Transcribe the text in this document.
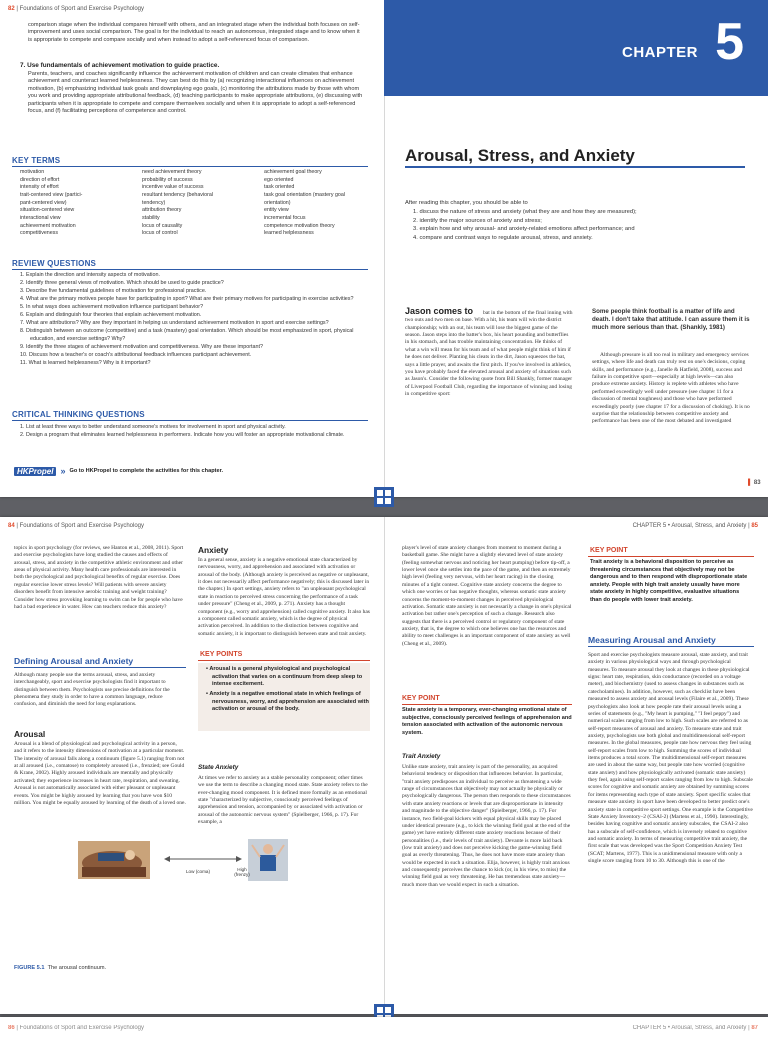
82 | Foundations of Sport and Exercise Psychology

comparison stage when the individual compares himself with others, and an integrated stage when the individual both focuses on self-improvement and uses social comparison. The goal is for the individual to reach an autonomous, integrated stage and to know when it is appropriate to compete and compare socially and when instead to adopt a self-referenced focus of comparison.

7. Use fundamentals of achievement motivation to guide practice.

Parents, teachers, and coaches significantly influence the achievement motivation of children and can create climates that enhance achievement and counteract learned helplessness. They can best do this by (a) recognizing interactional influences on achievement motivation, (b) emphasizing individual task goals and downplaying ego goals, (c) monitoring the attributions made by those with whom you work and providing appropriate attributional feedback, (d) teaching participants to make appropriate attributions, (e) discussing with participants when it is appropriate to compete and compare themselves socially and when it is appropriate to adopt a self-referenced focus, and (f) facilitating perceptions of competence and control.

KEY TERMS
motivation	need achievement theory	achievement goal theory
direction of effort	probability of success	ego oriented
intensity of effort	incentive value of success	task oriented
trait-centered view (partici-	resultant tendency (behavioral	task goal orientation (mastery goal
pant-centered view)	tendency)	orientation)
situation-centered view	attribution theory	entity view
interactional view	stability	incremental focus
achievement motivation	locus of causality	competence motivation theory
competitiveness	locus of control	learned helplessness
REVIEW QUESTIONS
1. Explain the direction and intensity aspects of motivation.
2. Identify three general views of motivation. Which should be used to guide practice?
3. Describe five fundamental guidelines of motivation for professional practice.
4. What are the primary motives people have for participating in sport? What are their primary motives for participating in exercise activities?
5. In what ways does achievement motivation influence participant behavior?
6. Explain and distinguish four theories that explain achievement motivation.
7. What are attributions? Why are they important in helping us understand achievement motivation in sport and exercise settings?
8. Distinguish between an outcome (competitive) and a task (mastery) goal orientation. Which should be most emphasized in sport, physical education, and exercise settings? Why?
9. Identify the three stages of achievement motivation and competitiveness. Why are these important?
10. Discuss how a teacher's or coach's attributional feedback influences participant achievement.
11. What is learned helplessness? Why is it important?
CRITICAL THINKING QUESTIONS
1. List at least three ways to better understand someone's motives for involvement in sport and physical activity.
2. Design a program that eliminates learned helplessness in performers. Indicate how you will foster an appropriate motivational climate.
HKPropel » Go to HKPropel to complete the activities for this chapter.
CHAPTER 5
Arousal, Stress, and Anxiety
After reading this chapter, you should be able to
1. discuss the nature of stress and anxiety (what they are and how they are measured);
2. identify the major sources of anxiety and stress;
3. explain how and why arousal- and anxiety-related emotions affect performance; and
4. compare and contrast ways to regulate arousal, stress, and anxiety.
Jason comes to	bat in the bottom of the final inning with two outs and two men on base. With a hit, his team will win the district championship; with an out, his team will lose the biggest game of the season. Jason steps into the batter's box, his heart pounding and butterflies in his stomach, and has trouble maintaining concentration. He thinks of what a win will mean for his team and of what people might think of him if he does not deliver. Planting his cleats in the dirt, Jason squeezes the bat, says a little prayer, and awaits the first pitch. If you've involved in athletics, you have probably faced the elevated arousal and anxiety of situations such as Jason's. Consider the following quote from Bill Shankly, former manager of Liverpool Football Club, regarding the importance of winning and losing in competitive sport:

Some people think football is a matter of life and death. I don't take that attitude. I can assure them it is much more serious than that. (Shankly, 1981)

Although pressure is all too real in military and emergency services settings, where life and death can truly rest on one's decisions, coping skills, and performance (e.g., Janelle & Hatfield, 2008), success and failure in competitive sport—especially at high levels—can also produce extreme anxiety. History is replete with athletes who have performed exceedingly well under pressure (see chapter 11 for a discussion of mental toughness) and those who have performed exceedingly poorly (see chapter 17 for a discussion of choking). It is no surprise that the relationship between competitive anxiety and performance has been one of the most debated and investigated

▌ 83
84 | Foundations of Sport and Exercise Psychology	CHAPTER 5 • Arousal, Stress, and Anxiety | 85

topics in sport psychology (for reviews, see Hanton et al., 2008, 2011). Sport and exercise psychologists have long studied the causes and effects of arousal, stress, and anxiety in the competitive athletic environment and other areas of physical activity. Many health care professionals are interested in both the psychological and psychological benefits of regular exercise. Does regular exercise lower stress levels? Will patients with severe anxiety disorders benefit from intensive aerobic training and weight training? Consider how stress provoking learning to swim can be for people who have had a bad experience in water. How can teachers reduce this anxiety?

Defining Arousal and Anxiety

Although many people use the terms arousal, stress, and anxiety interchangeably, sport and exercise psychologists find it important to distinguish between them. Psychologists use precise definitions for the phenomena they study in order to have a common language, reduce confusion, and diminish the need for long explanations.

Arousal

Arousal is a blend of physiological and psychological activity in a person, and it refers to the intensity dimensions of motivation at a particular moment. The intensity of arousal falls along a continuum (figure 5.1) ranging from not at all aroused (i.e., comatose) to completely aroused (i.e., frenzied; see Gould & Krane, 2002). Highly aroused individuals are mentally and physically activated; they experience increases in heart rate, respiration, and sweating. Arousal is not automatically associated with either pleasant or unpleasant events. You might be highly aroused by learning that you have won $10 million. You might be equally aroused by learning of the death of a loved one.

Anxiety

In a general sense, anxiety is a negative emotional state characterized by nervousness, worry, and apprehension and associated with activation or arousal of the body. (Although anxiety is perceived as negative or unpleasant, it does not necessarily affect performance negatively; this is discussed later in the chapter.) In sport settings, anxiety refers to "an unpleasant psychological state in reaction to perceived stress concerning the performance of a task under pressure" (Cheng et al., 2009, p. 271). Anxiety has a thought component (e.g., worry and apprehension) called cognitive anxiety. It also has a component called somatic anxiety, which is the degree of physical activation perceived. In addition to the distinction between cognitive and somatic anxiety, it is important to distinguish between state and trait anxiety.

KEY POINTS

• Arousal is a general physiological and psychological activation that varies on a continuum from deep sleep to intense excitement.

• Anxiety is a negative emotional state in which feelings of nervousness, worry, and apprehension are associated with activation or arousal of the body.

State Anxiety

At times we refer to anxiety as a stable personality component; other times we use the term to describe a changing mood state. State anxiety refers to the ever-changing mood component. It is defined more formally as an emotional state "characterized by subjective, consciously perceived feelings of apprehension and tension, accompanied by or associated with activation or arousal of the autonomic nervous system" (Spielberger, 1966, p. 17). For example, a

Low (coma)	High (frenzy)
FIGURE 5.1 The arousal continuum.

player's level of state anxiety changes from moment to moment during a basketball game. She might have a slightly elevated level of state anxiety (feeling somewhat nervous and noticing her heart pumping) before tip-off, a lower level once she settles into the pace of the game, and then an extremely high level (feeling very nervous, with her heart racing) in the closing minutes of a tight contest. Cognitive state anxiety concerns the degree to which one worries or has negative thoughts, whereas somatic state anxiety concerns the moment-to-moment changes in perceived physiological activation. Somatic state anxiety is not necessarily a change in one's physical activation but rather one's perception of such a change. Research also suggests that there is a perceived control or regulatory component of state anxiety, that is, the degree to which one believes one has the resources and ability to meet challenges is an important component of state anxiety as well (Cheng et al., 2009).

KEY POINT

State anxiety is a temporary, ever-changing emotional state of subjective, consciously perceived feelings of apprehension and tension associated with activation of the autonomic nervous system.

Trait Anxiety

Unlike state anxiety, trait anxiety is part of the personality, an acquired behavioral tendency or disposition that influences behavior. In particular, "trait anxiety predisposes an individual to perceive as threatening a wide range of circumstances that objectively may not actually be physically or psychologically dangerous. The person then responds to these circumstances with state anxiety reactions or levels that are disproportionate in intensity and magnitude to the objective danger" (Spielberger, 1966, p. 17). For instance, two field-goal kickers with equal physical skills may be placed under identical pressure (e.g., to kick the winning field goal at the end of the game) yet have entirely different state anxiety reactions because of their personalities (i.e., their levels of trait anxiety). Devante is more laid back (low trait anxiety) and does not perceive kicking the game-winning field goal as overly threatening. Thus, he does not have more state anxiety than would be expected in such a situation. Elija, however, is highly trait anxious and consequently perceives the chance to kick (or, in his view, to miss) the winning field goal as very threatening. He has tremendous state anxiety—much more than we would expect in such a situation.

KEY POINT

Trait anxiety is a behavioral disposition to perceive as threatening circumstances that objectively may not be dangerous and to then respond with disproportionate state anxiety. People with high trait anxiety usually have more state anxiety in highly competitive, evaluative situations than do people with lower trait anxiety.

Measuring Arousal and Anxiety

Sport and exercise psychologists measure arousal, state anxiety, and trait anxiety in various physiological ways and through psychological measures. To measure arousal they look at changes in these physiological signs: heart rate, respiration, skin conductance (recorded on a voltage meter), and biochemistry (used to assess changes in substances such as catecholamines). In addition, however, such as checklist have been measured to assess anxiety and arousal levels (Filaire et al., 2009). These psychologists also look at how people rate their arousal levels using a series of statements (e.g., "My heart is pumping," "I feel peppy") and numerical scales ranging from low to high. Such scales are referred to as self-report measures of arousal and anxiety. To measure state and trait anxiety, psychologists use both global and multidimensional self-report measures. In the global measures, people rate how nervous they feel using self-report scales from low to high. Summing the scores of individual items produces a total score. The multidimensional self-report measures are used in about the same way, but people rate how worried (cognitive state anxiety) and how physiologically activated (somatic state anxiety) they feel, again using self-report scales ranging from low to high. Subscale scores for cognitive and somatic anxiety are obtained by summing scores for items representing each type of state anxiety. Sport specific scales that measure state anxiety in sport have been developed to better predict one's anxiety state in competitive sport settings. One example is the Competitive State Anxiety Inventory–2 (CSAI-2) (Martens et al., 1990). Interestingly, besides having cognitive and somatic anxiety subscales, the CSAI-2 also has a subscale of self-confidence, which is inversely related to cognitive and somatic anxiety. In terms of measuring competitive trait anxiety, the first scale that was developed was the Sport Competition Anxiety Test (SCAT; Martens, 1977). This is a unidimensional measure with only a single score ranging from 10 to 30. Although this is one of the

86 | Foundations of Sport and Exercise Psychology	CHAPTER 5 • Arousal, Stress, and Anxiety | 87
